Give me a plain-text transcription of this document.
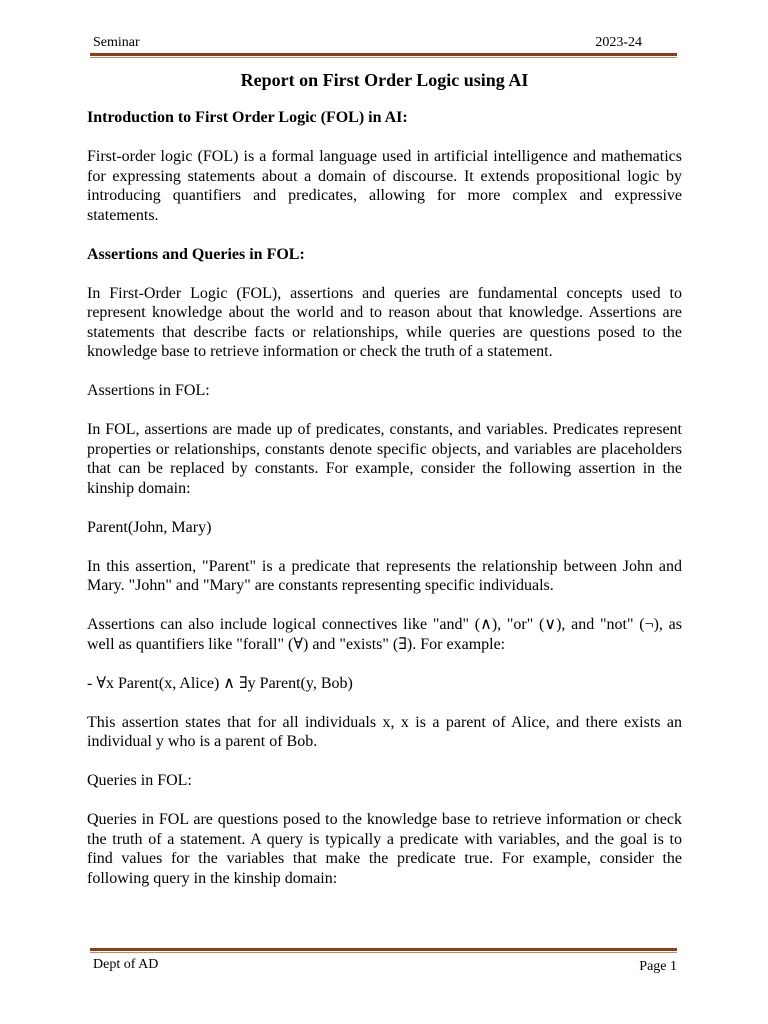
Seminar	2023-24
Report on First Order Logic using AI

Introduction to First Order Logic (FOL) in AI:

First-order logic (FOL) is a formal language used in artificial intelligence and mathematics for expressing statements about a domain of discourse. It extends propositional logic by introducing quantifiers and predicates, allowing for more complex and expressive statements.

Assertions and Queries in FOL:

In First-Order Logic (FOL), assertions and queries are fundamental concepts used to represent knowledge about the world and to reason about that knowledge. Assertions are statements that describe facts or relationships, while queries are questions posed to the knowledge base to retrieve information or check the truth of a statement.

Assertions in FOL:

In FOL, assertions are made up of predicates, constants, and variables. Predicates represent properties or relationships, constants denote specific objects, and variables are placeholders that can be replaced by constants. For example, consider the following assertion in the kinship domain:

Parent(John, Mary)

In this assertion, "Parent" is a predicate that represents the relationship between John and Mary. "John" and "Mary" are constants representing specific individuals.

Assertions can also include logical connectives like "and" (∧), "or" (∨), and "not" (¬), as well as quantifiers like "forall" (∀) and "exists" (∃). For example:

- ∀x Parent(x, Alice) ∧ ∃y Parent(y, Bob)

This assertion states that for all individuals x, x is a parent of Alice, and there exists an individual y who is a parent of Bob.

Queries in FOL:

Queries in FOL are questions posed to the knowledge base to retrieve information or check the truth of a statement. A query is typically a predicate with variables, and the goal is to find values for the variables that make the predicate true. For example, consider the following query in the kinship domain:

Dept of AD	Page 1
